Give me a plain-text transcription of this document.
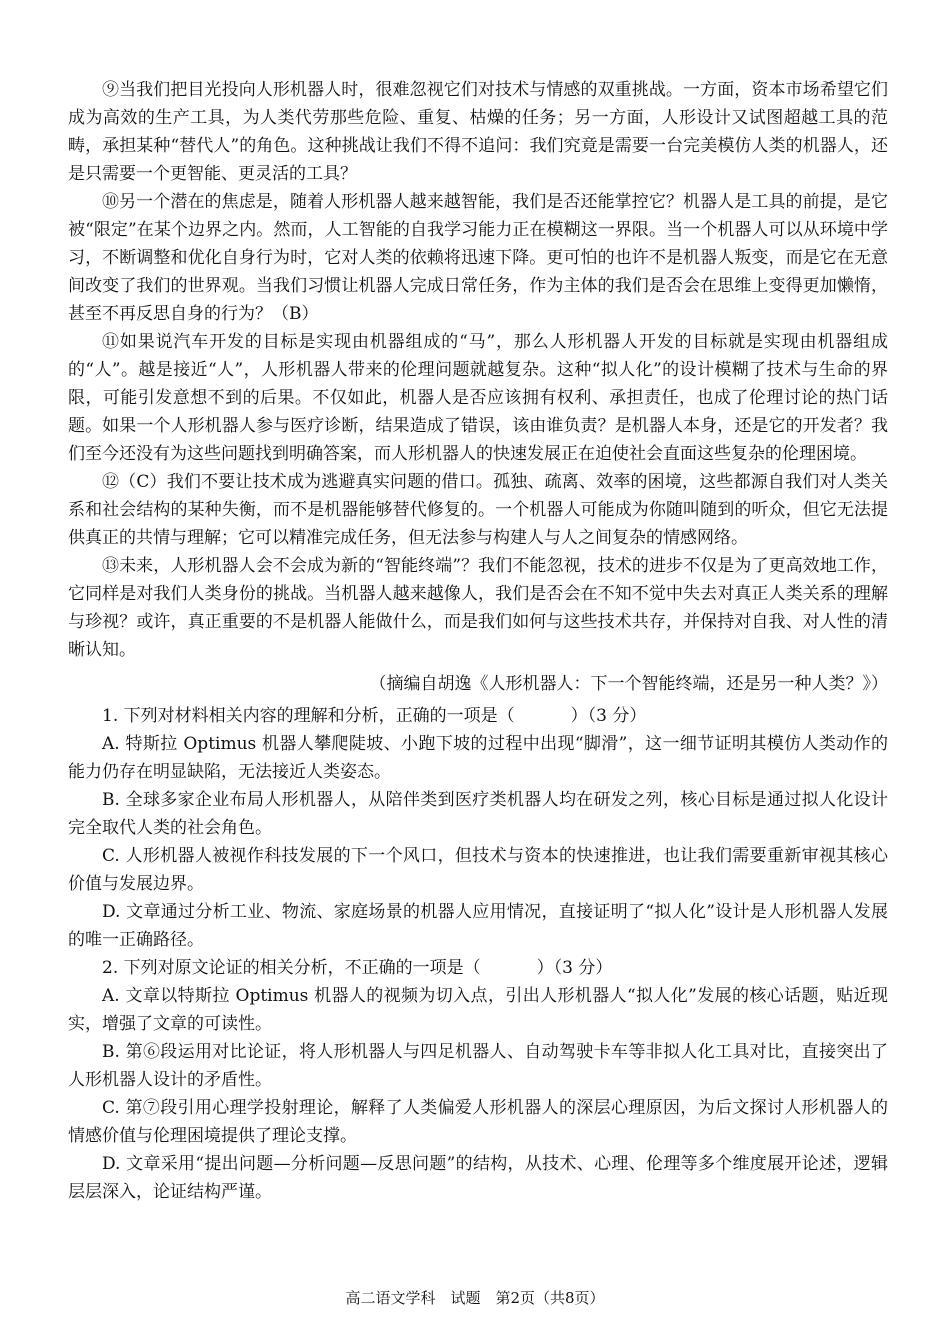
⑨当我们把目光投向人形机器人时，很难忽视它们对技术与情感的双重挑战。一方面，资本市场希望它们成为高效的生产工具，为人类代劳那些危险、重复、枯燥的任务；另一方面，人形设计又试图超越工具的范畴，承担某种“替代人”的角色。这种挑战让我们不得不追问：我们究竟是需要一台完美模仿人类的机器人，还是只需要一个更智能、更灵活的工具？

⑩另一个潜在的焦虑是，随着人形机器人越来越智能，我们是否还能掌控它？机器人是工具的前提，是它被“限定”在某个边界之内。然而，人工智能的自我学习能力正在模糊这一界限。当一个机器人可以从环境中学习，不断调整和优化自身行为时，它对人类的依赖将迅速下降。更可怕的也许不是机器人叛变，而是它在无意间改变了我们的世界观。当我们习惯让机器人完成日常任务，作为主体的我们是否会在思维上变得更加懒惰，甚至不再反思自身的行为？（B）

⑪如果说汽车开发的目标是实现由机器组成的“马”，那么人形机器人开发的目标就是实现由机器组成的“人”。越是接近“人”，人形机器人带来的伦理问题就越复杂。这种“拟人化”的设计模糊了技术与生命的界限，可能引发意想不到的后果。不仅如此，机器人是否应该拥有权利、承担责任，也成了伦理讨论的热门话题。如果一个人形机器人参与医疗诊断，结果造成了错误，该由谁负责？是机器人本身，还是它的开发者？我们至今还没有为这些问题找到明确答案，而人形机器人的快速发展正在迫使社会直面这些复杂的伦理困境。

⑫（C）我们不要让技术成为逃避真实问题的借口。孤独、疏离、效率的困境，这些都源自我们对人类关系和社会结构的某种失衡，而不是机器能够替代修复的。一个机器人可能成为你随叫随到的听众，但它无法提供真正的共情与理解；它可以精准完成任务，但无法参与构建人与人之间复杂的情感网络。

⑬未来，人形机器人会不会成为新的“智能终端”？我们不能忽视，技术的进步不仅是为了更高效地工作，它同样是对我们人类身份的挑战。当机器人越来越像人，我们是否会在不知不觉中失去对真正人类关系的理解与珍视？或许，真正重要的不是机器人能做什么，而是我们如何与这些技术共存，并保持对自我、对人性的清晰认知。

（摘编自胡逸《人形机器人：下一个智能终端，还是另一种人类？》）

1. 下列对材料相关内容的理解和分析，正确的一项是（	）（3 分）

A. 特斯拉 Optimus 机器人攀爬陡坡、小跑下坡的过程中出现“脚滑”，这一细节证明其模仿人类动作的能力仍存在明显缺陷，无法接近人类姿态。

B. 全球多家企业布局人形机器人，从陪伴类到医疗类机器人均在研发之列，核心目标是通过拟人化设计完全取代人类的社会角色。

C. 人形机器人被视作科技发展的下一个风口，但技术与资本的快速推进，也让我们需要重新审视其核心价值与发展边界。

D. 文章通过分析工业、物流、家庭场景的机器人应用情况，直接证明了“拟人化”设计是人形机器人发展的唯一正确路径。

2. 下列对原文论证的相关分析，不正确的一项是（	）（3 分）

A. 文章以特斯拉 Optimus 机器人的视频为切入点，引出人形机器人“拟人化”发展的核心话题，贴近现实，增强了文章的可读性。

B. 第⑥段运用对比论证，将人形机器人与四足机器人、自动驾驶卡车等非拟人化工具对比，直接突出了人形机器人设计的矛盾性。

C. 第⑦段引用心理学投射理论，解释了人类偏爱人形机器人的深层心理原因，为后文探讨人形机器人的情感价值与伦理困境提供了理论支撑。

D. 文章采用“提出问题—分析问题—反思问题”的结构，从技术、心理、伦理等多个维度展开论述，逻辑层层深入，论证结构严谨。

高二语文学科　试题　第2页（共8页）
